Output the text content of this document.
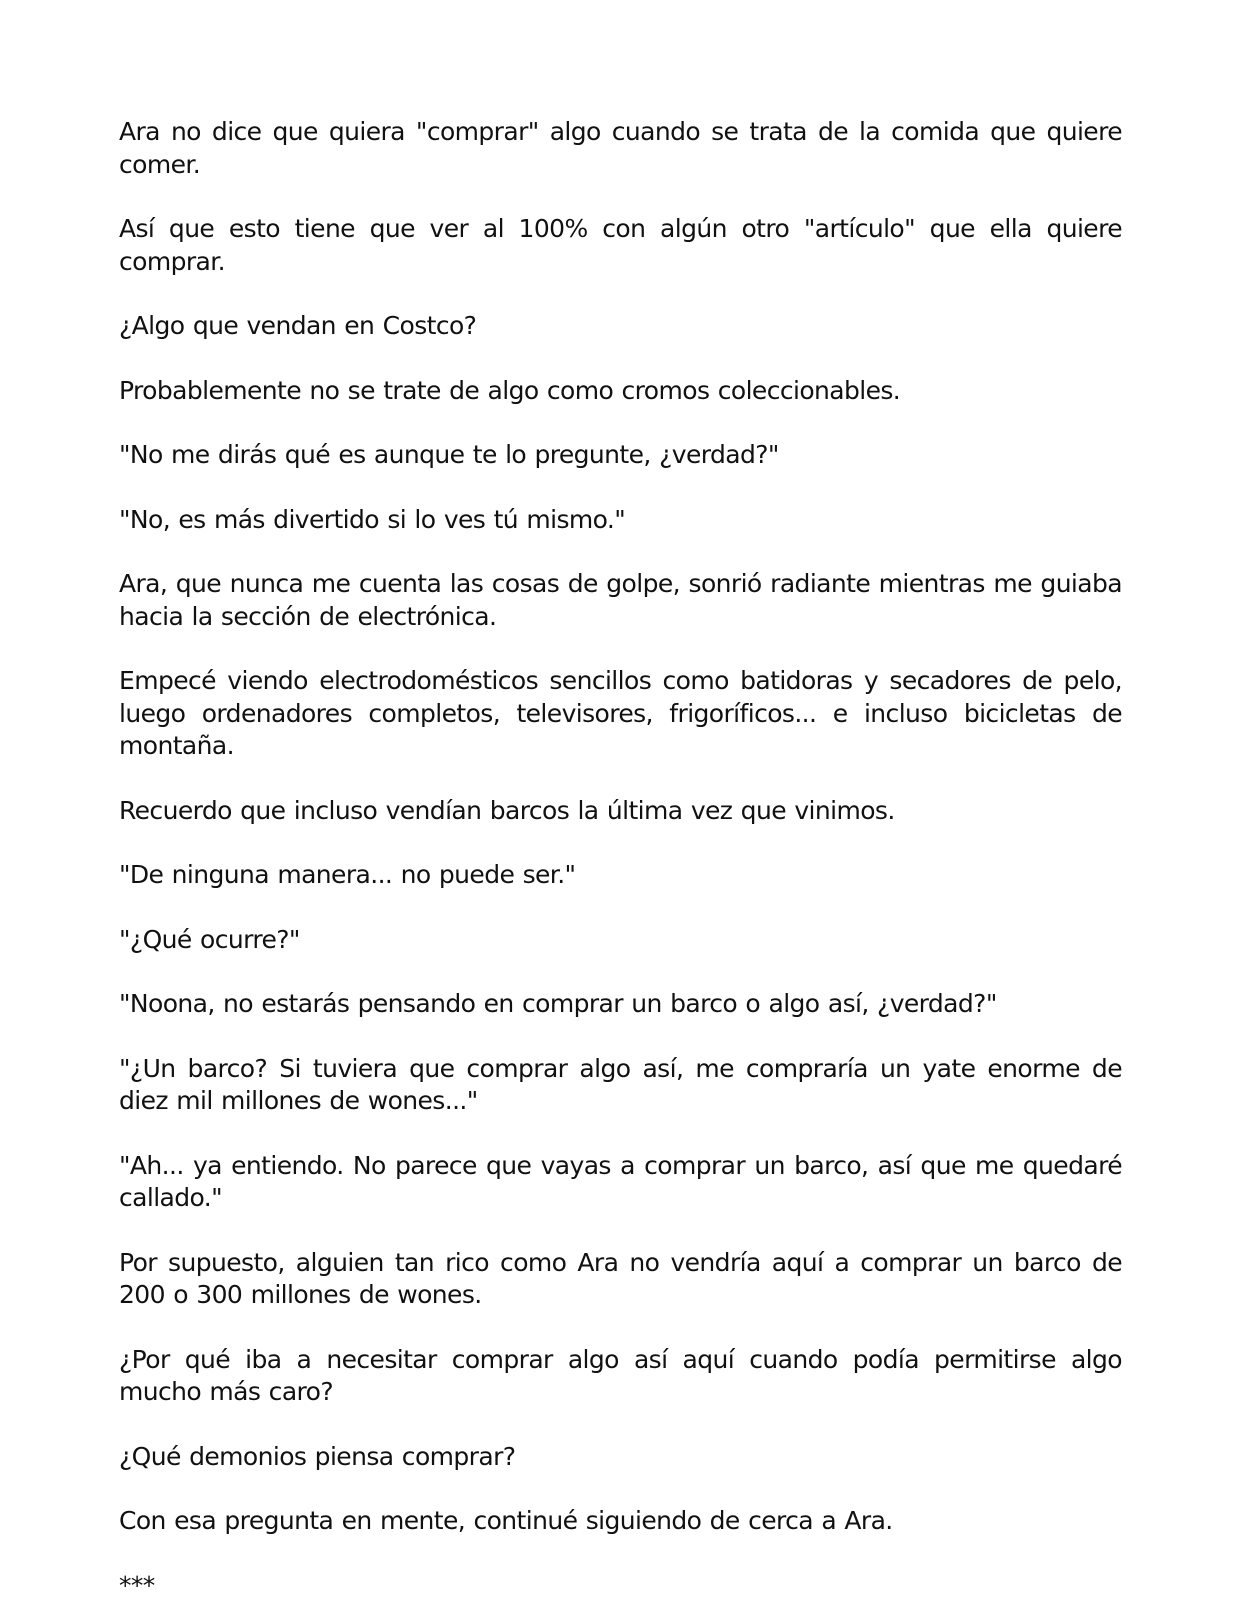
Ara no dice que quiera "comprar" algo cuando se trata de la comida que quiere comer.

Así que esto tiene que ver al 100% con algún otro "artículo" que ella quiere comprar.

¿Algo que vendan en Costco?

Probablemente no se trate de algo como cromos coleccionables.

"No me dirás qué es aunque te lo pregunte, ¿verdad?"

"No, es más divertido si lo ves tú mismo."

Ara, que nunca me cuenta las cosas de golpe, sonrió radiante mientras me guiaba hacia la sección de electrónica.

Empecé viendo electrodomésticos sencillos como batidoras y secadores de pelo, luego ordenadores completos, televisores, frigoríficos... e incluso bicicletas de montaña.

Recuerdo que incluso vendían barcos la última vez que vinimos.

"De ninguna manera... no puede ser."

"¿Qué ocurre?"

"Noona, no estarás pensando en comprar un barco o algo así, ¿verdad?"

"¿Un barco? Si tuviera que comprar algo así, me compraría un yate enorme de diez mil millones de wones..."

"Ah... ya entiendo. No parece que vayas a comprar un barco, así que me quedaré callado."

Por supuesto, alguien tan rico como Ara no vendría aquí a comprar un barco de 200 o 300 millones de wones.

¿Por qué iba a necesitar comprar algo así aquí cuando podía permitirse algo mucho más caro?

¿Qué demonios piensa comprar?

Con esa pregunta en mente, continué siguiendo de cerca a Ara.

***
